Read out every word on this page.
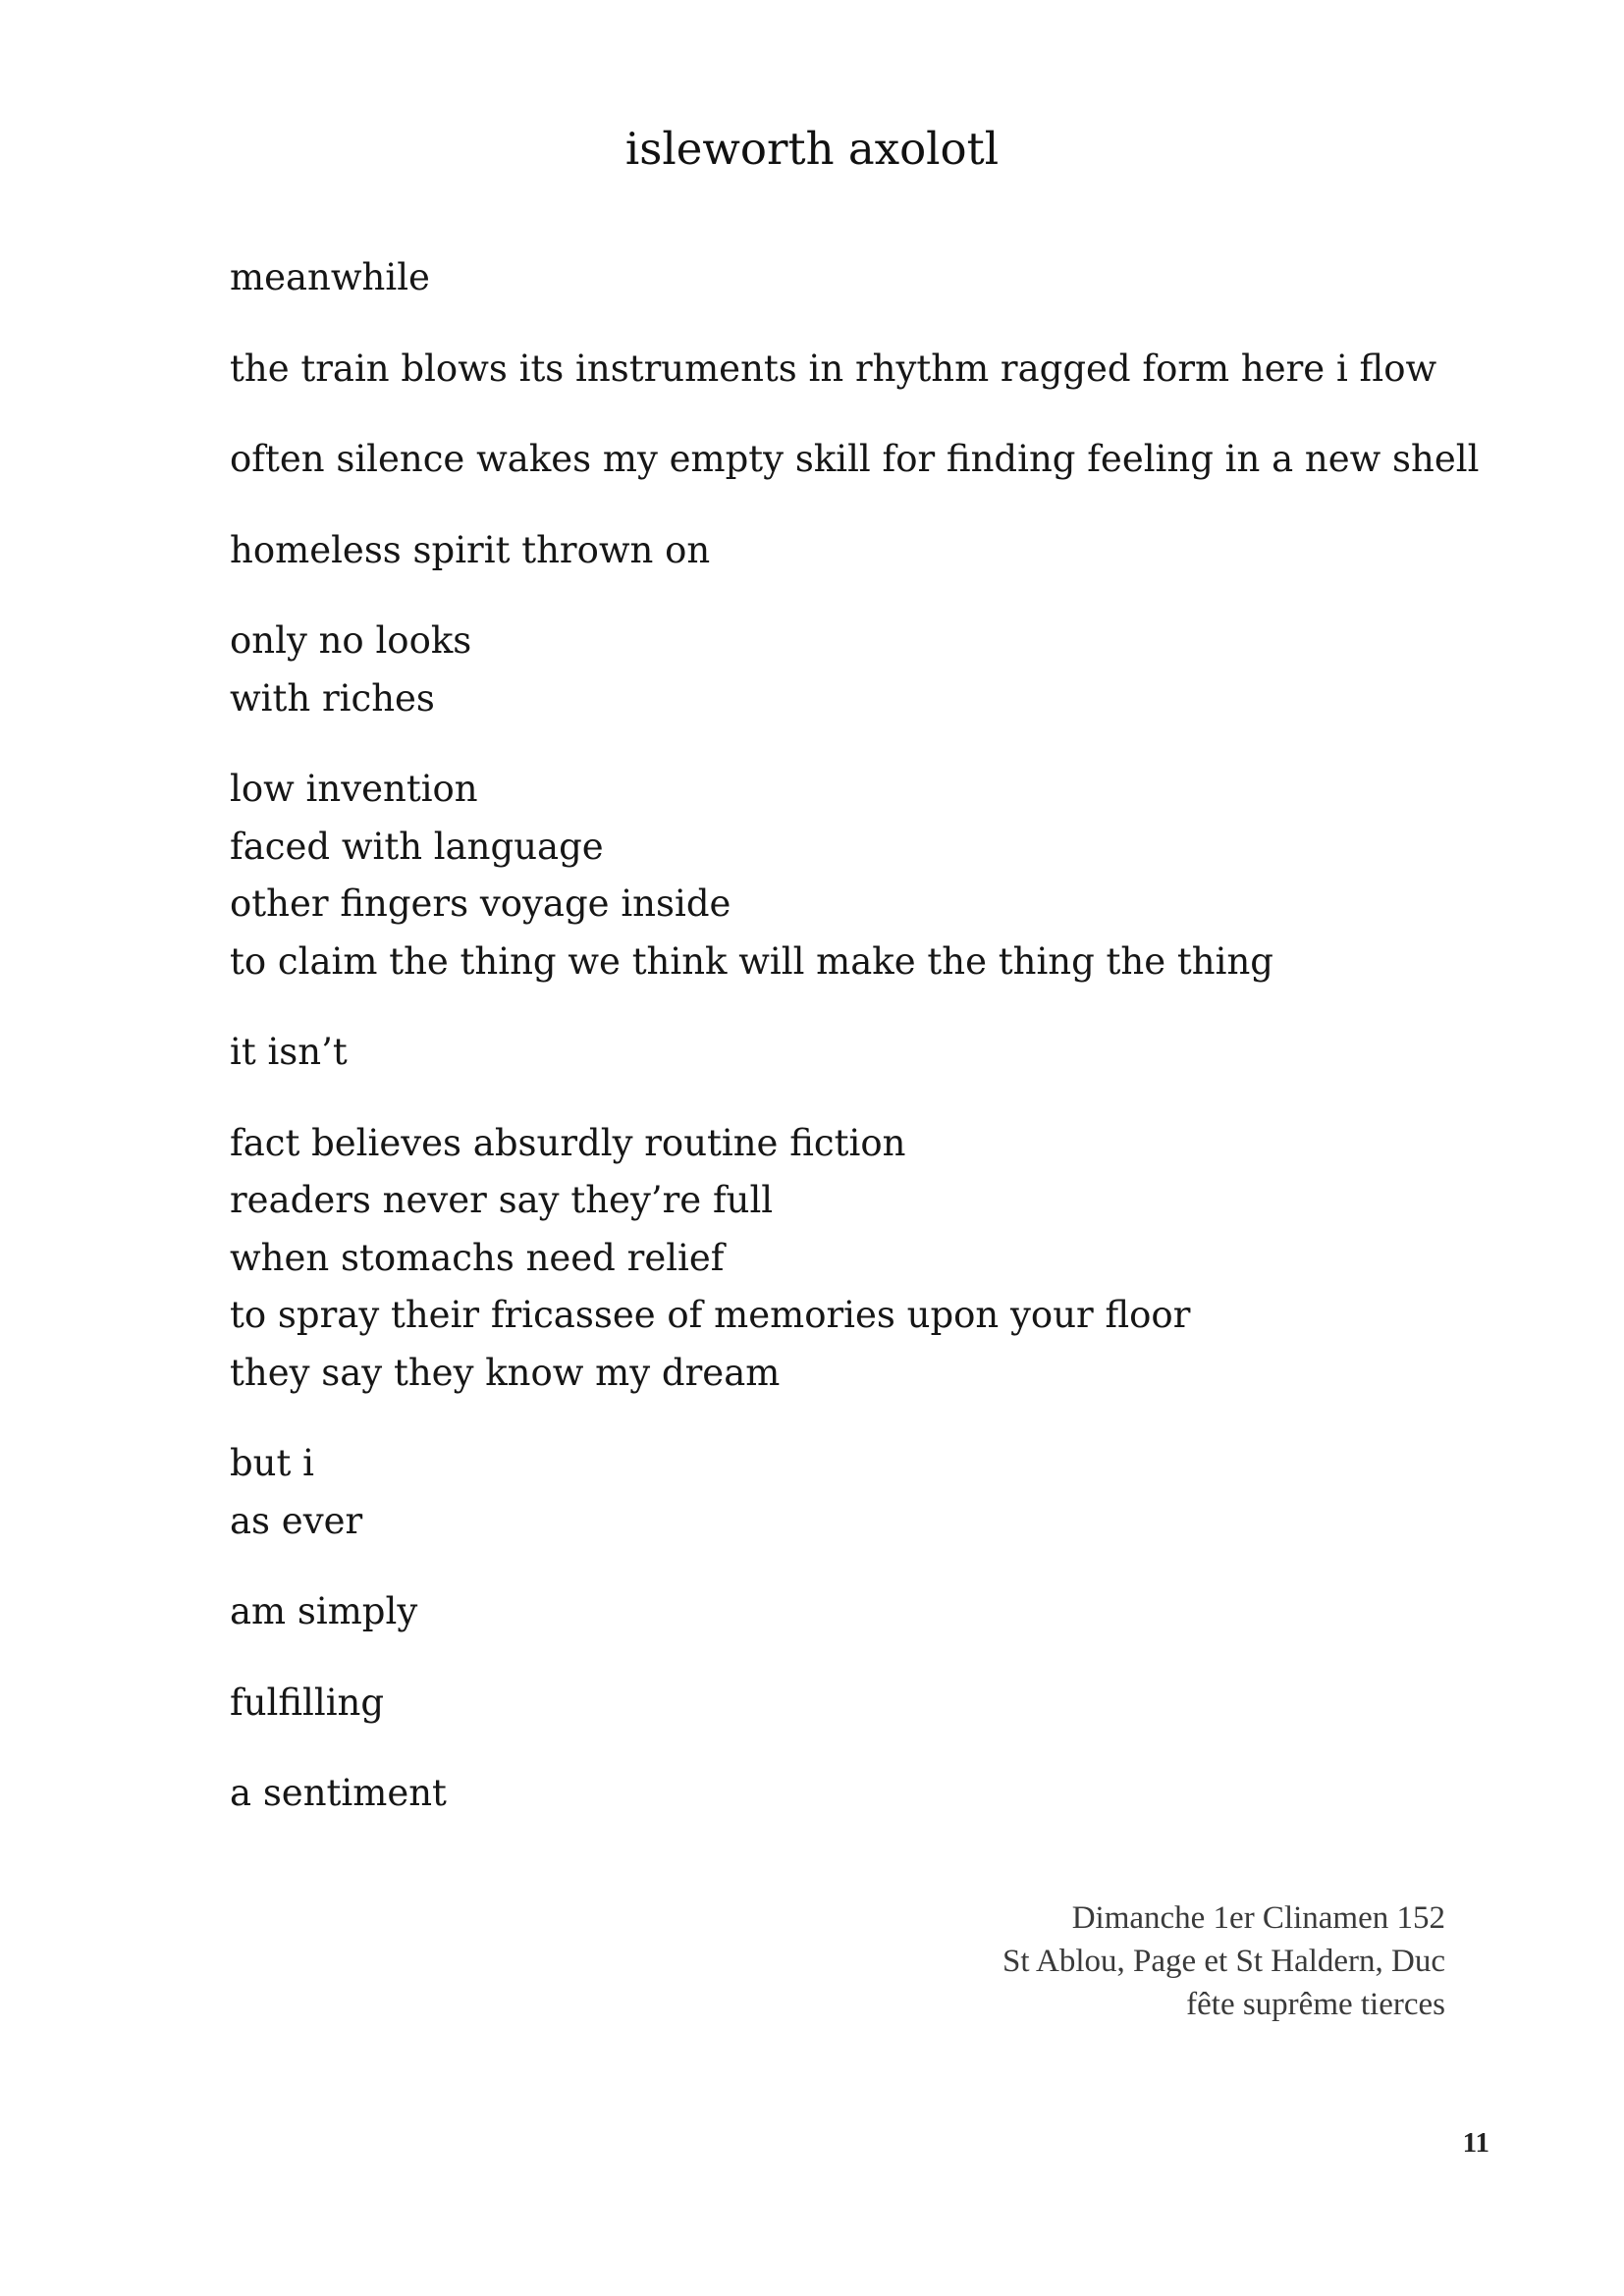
isleworth axolotl
meanwhile
the train blows its instruments in rhythm ragged form here i flow
often silence wakes my empty skill for finding feeling in a new shell
homeless spirit thrown on
only no looks
with riches
low invention
faced with language
other fingers voyage inside
to claim the thing we think will make the thing the thing
it isn’t
fact believes absurdly routine fiction
readers never say they’re full
when stomachs need relief
to spray their fricassee of memories upon your floor
they say they know my dream
but i
as ever
am simply
fulfilling
a sentiment
Dimanche 1er Clinamen 152
St Ablou, Page et St Haldern, Duc
fête suprême tierces
11
